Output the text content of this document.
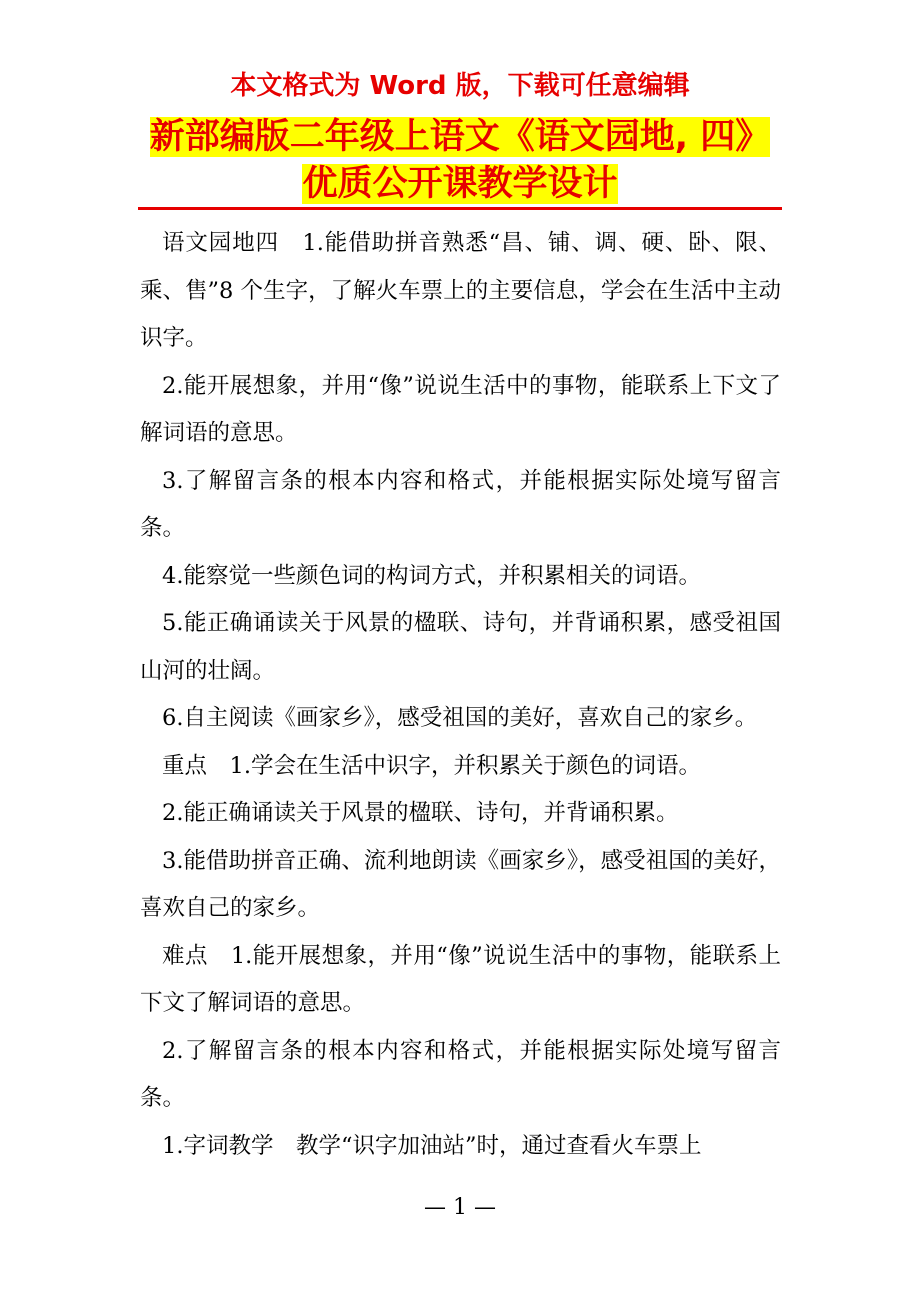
本文格式为 Word 版，下载可任意编辑
新部编版二年级上语文《语文园地, 四》优质公开课教学设计

语文园地四　1.能借助拼音熟悉“昌、铺、调、硬、卧、限、乘、售”8 个生字，了解火车票上的主要信息，学会在生活中主动识字。

2.能开展想象，并用“像”说说生活中的事物，能联系上下文了解词语的意思。

3.了解留言条的根本内容和格式，并能根据实际处境写留言条。

4.能察觉一些颜色词的构词方式，并积累相关的词语。

5.能正确诵读关于风景的楹联、诗句，并背诵积累，感受祖国山河的壮阔。

6.自主阅读《画家乡》，感受祖国的美好，喜欢自己的家乡。

重点　1.学会在生活中识字，并积累关于颜色的词语。

2.能正确诵读关于风景的楹联、诗句，并背诵积累。

3.能借助拼音正确、流利地朗读《画家乡》，感受祖国的美好，喜欢自己的家乡。

难点　1.能开展想象，并用“像”说说生活中的事物，能联系上下文了解词语的意思。

2.了解留言条的根本内容和格式，并能根据实际处境写留言条。

1.字词教学　教学“识字加油站”时，通过查看火车票上

— 1 —
